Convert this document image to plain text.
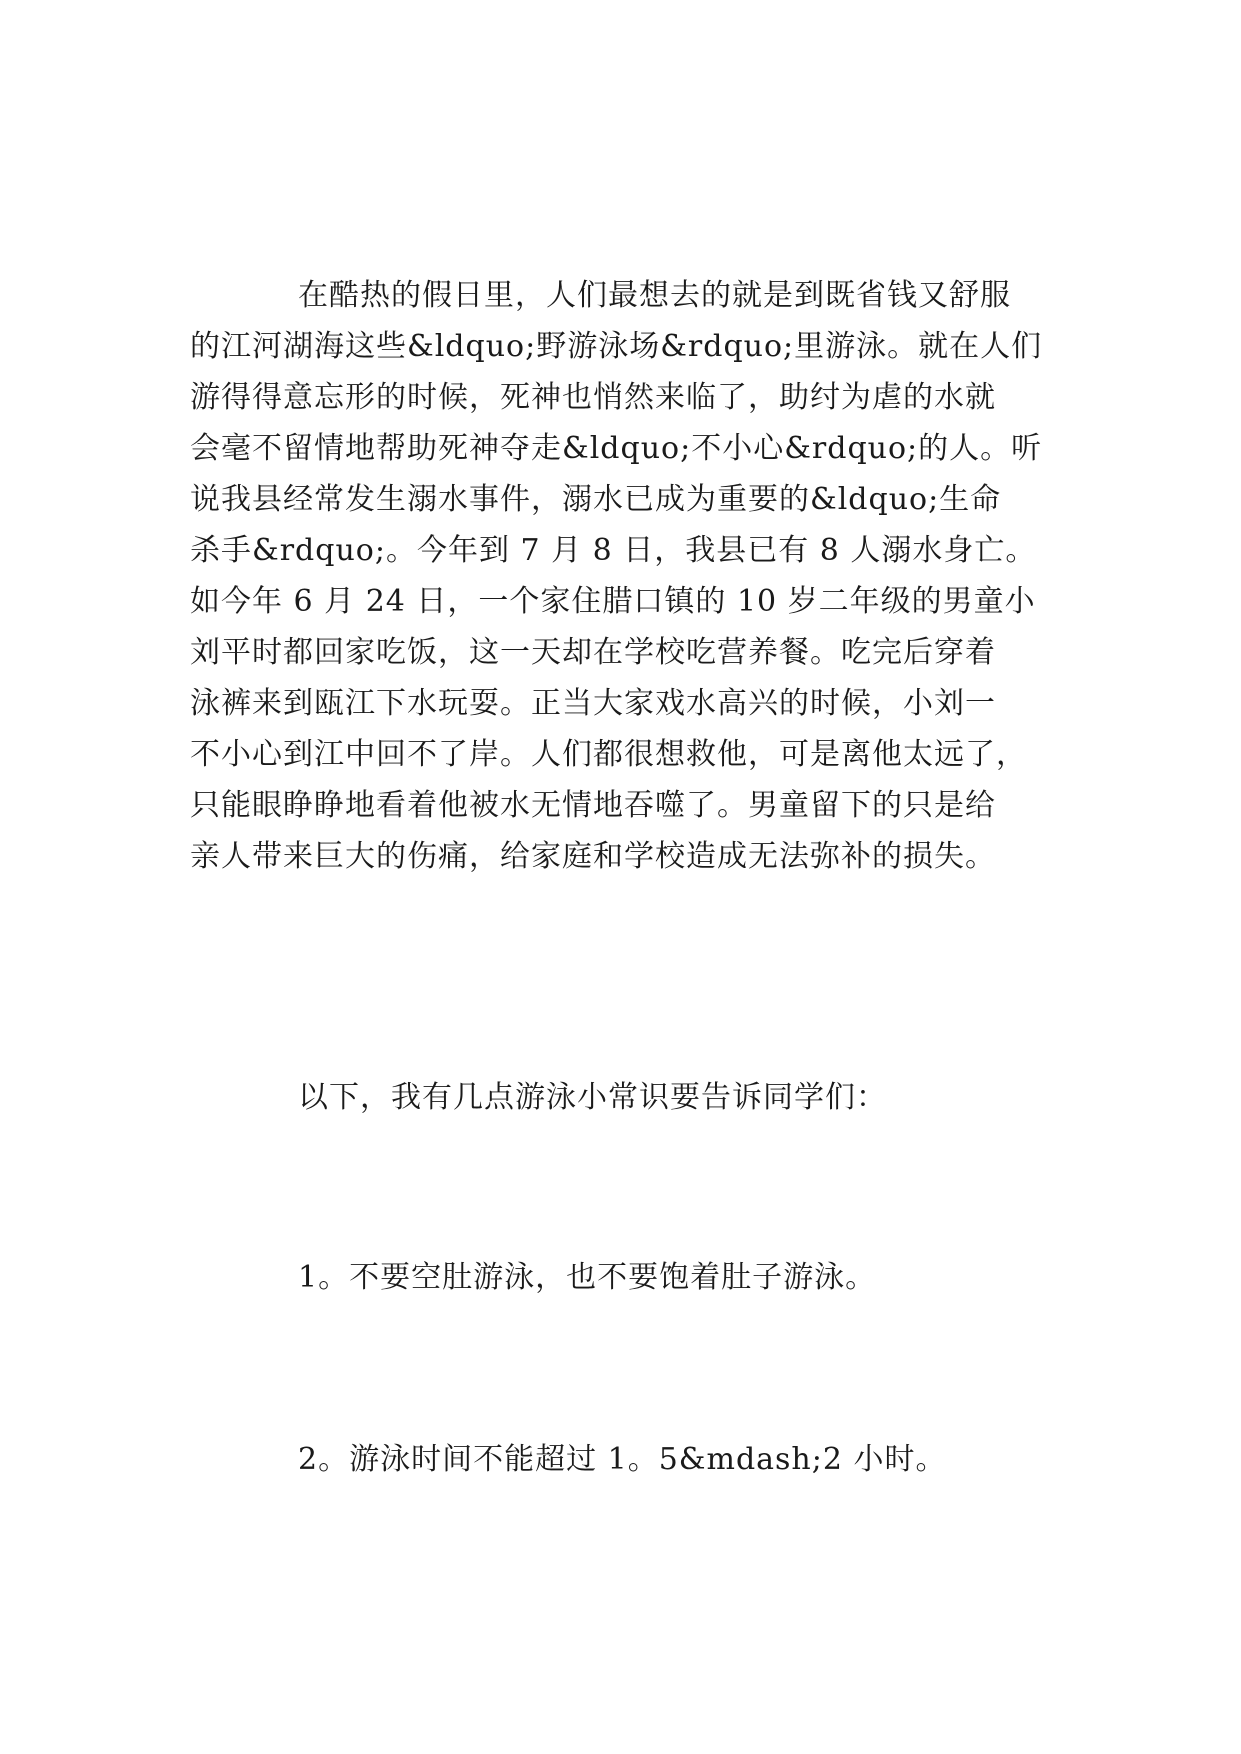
在酷热的假日里，人们最想去的就是到既省钱又舒服
的江河湖海这些&ldquo;野游泳场&rdquo;里游泳。就在人们
游得得意忘形的时候，死神也悄然来临了，助纣为虐的水就
会毫不留情地帮助死神夺走&ldquo;不小心&rdquo;的人。听
说我县经常发生溺水事件，溺水已成为重要的&ldquo;生命
杀手&rdquo;。今年到 7 月 8 日，我县已有 8 人溺水身亡。
如今年 6 月 24 日，一个家住腊口镇的 10 岁二年级的男童小
刘平时都回家吃饭，这一天却在学校吃营养餐。吃完后穿着
泳裤来到瓯江下水玩耍。正当大家戏水高兴的时候，小刘一
不小心到江中回不了岸。人们都很想救他，可是离他太远了，
只能眼睁睁地看着他被水无情地吞噬了。男童留下的只是给
亲人带来巨大的伤痛，给家庭和学校造成无法弥补的损失。
以下，我有几点游泳小常识要告诉同学们：
1。不要空肚游泳，也不要饱着肚子游泳。
2。游泳时间不能超过 1。5&mdash;2 小时。
